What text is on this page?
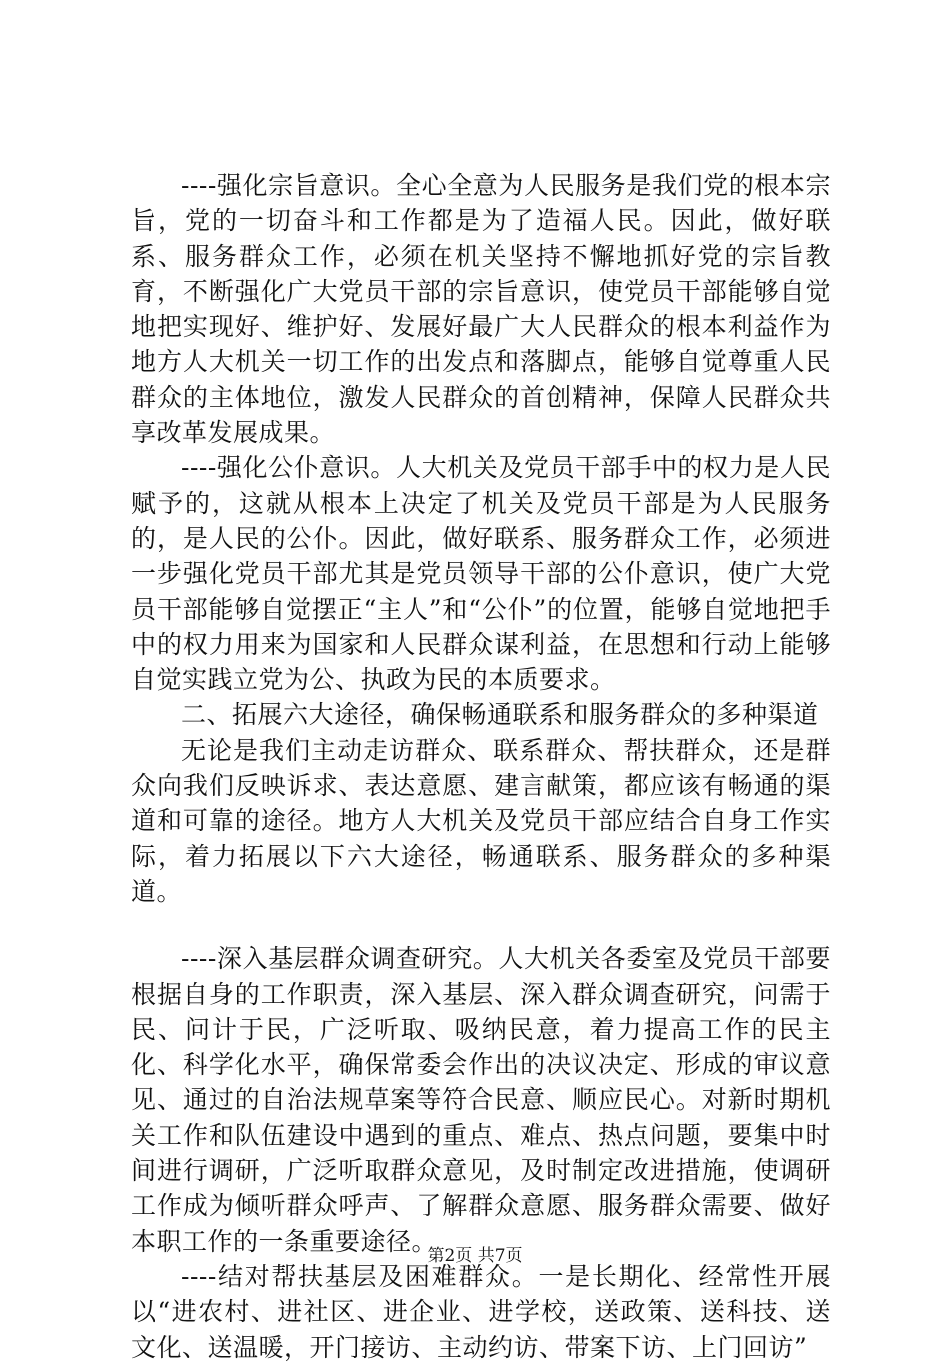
----强化宗旨意识。全心全意为人民服务是我们党的根本宗旨，党的一切奋斗和工作都是为了造福人民。因此，做好联系、服务群众工作，必须在机关坚持不懈地抓好党的宗旨教育，不断强化广大党员干部的宗旨意识，使党员干部能够自觉地把实现好、维护好、发展好最广大人民群众的根本利益作为地方人大机关一切工作的出发点和落脚点，能够自觉尊重人民群众的主体地位，激发人民群众的首创精神，保障人民群众共享改革发展成果。

----强化公仆意识。人大机关及党员干部手中的权力是人民赋予的，这就从根本上决定了机关及党员干部是为人民服务的，是人民的公仆。因此，做好联系、服务群众工作，必须进一步强化党员干部尤其是党员领导干部的公仆意识，使广大党员干部能够自觉摆正“主人”和“公仆”的位置，能够自觉地把手中的权力用来为国家和人民群众谋利益，在思想和行动上能够自觉实践立党为公、执政为民的本质要求。

二、拓展六大途径，确保畅通联系和服务群众的多种渠道

无论是我们主动走访群众、联系群众、帮扶群众，还是群众向我们反映诉求、表达意愿、建言献策，都应该有畅通的渠道和可靠的途径。地方人大机关及党员干部应结合自身工作实际，着力拓展以下六大途径，畅通联系、服务群众的多种渠道。

----深入基层群众调查研究。人大机关各委室及党员干部要根据自身的工作职责，深入基层、深入群众调查研究，问需于民、问计于民，广泛听取、吸纳民意，着力提高工作的民主化、科学化水平，确保常委会作出的决议决定、形成的审议意见、通过的自治法规草案等符合民意、顺应民心。对新时期机关工作和队伍建设中遇到的重点、难点、热点问题，要集中时间进行调研，广泛听取群众意见，及时制定改进措施，使调研工作成为倾听群众呼声、了解群众意愿、服务群众需要、做好本职工作的一条重要途径。

----结对帮扶基层及困难群众。一是长期化、经常性开展以“进农村、进社区、进企业、进学校，送政策、送科技、送文化、送温暖，开门接访、主动约访、带案下访、上门回访”

第2页 共7页
